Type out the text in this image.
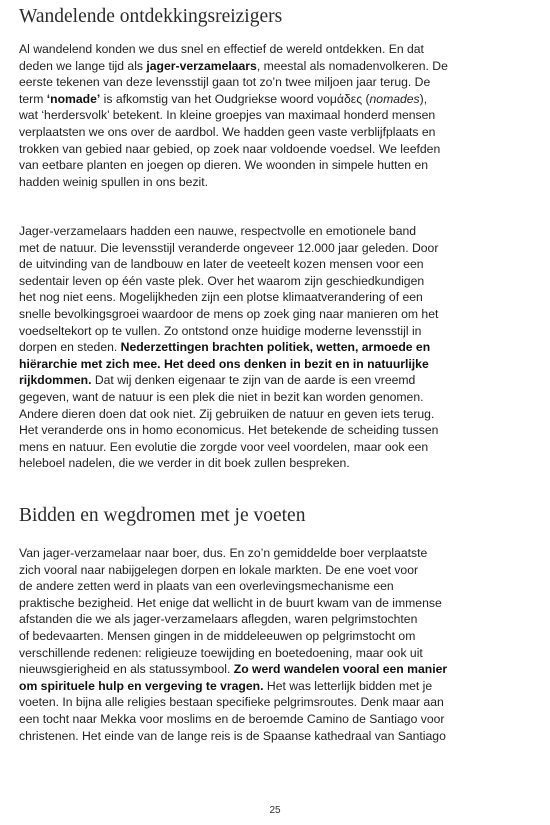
Wandelende ontdekkingsreizigers
Al wandelend konden we dus snel en effectief de wereld ontdekken. En dat
deden we lange tijd als jager-verzamelaars, meestal als nomadenvolkeren. De
eerste tekenen van deze levensstijl gaan tot zo’n twee miljoen jaar terug. De
term ‘nomade’ is afkomstig van het Oudgriekse woord νομάδες (nomades),
wat ‘herdersvolk’ betekent. In kleine groepjes van maximaal honderd mensen
verplaatsten we ons over de aardbol. We hadden geen vaste verblijfplaats en
trokken van gebied naar gebied, op zoek naar voldoende voedsel. We leefden
van eetbare planten en joegen op dieren. We woonden in simpele hutten en
hadden weinig spullen in ons bezit.
Jager-verzamelaars hadden een nauwe, respectvolle en emotionele band
met de natuur. Die levensstijl veranderde ongeveer 12.000 jaar geleden. Door
de uitvinding van de landbouw en later de veeteelt kozen mensen voor een
sedentair leven op één vaste plek. Over het waarom zijn geschiedkundigen
het nog niet eens. Mogelijkheden zijn een plotse klimaatverandering of een
snelle bevolkingsgroei waardoor de mens op zoek ging naar manieren om het
voedseltekort op te vullen. Zo ontstond onze huidige moderne levensstijl in
dorpen en steden. Nederzettingen brachten politiek, wetten, armoede en
hiërarchie met zich mee. Het deed ons denken in bezit en in natuurlijke
rijkdommen. Dat wij denken eigenaar te zijn van de aarde is een vreemd
gegeven, want de natuur is een plek die niet in bezit kan worden genomen.
Andere dieren doen dat ook niet. Zij gebruiken de natuur en geven iets terug.
Het veranderde ons in homo economicus. Het betekende de scheiding tussen
mens en natuur. Een evolutie die zorgde voor veel voordelen, maar ook een
heleboel nadelen, die we verder in dit boek zullen bespreken.
Bidden en wegdromen met je voeten
Van jager-verzamelaar naar boer, dus. En zo’n gemiddelde boer verplaatste
zich vooral naar nabijgelegen dorpen en lokale markten. De ene voet voor
de andere zetten werd in plaats van een overlevingsmechanisme een
praktische bezigheid. Het enige dat wellicht in de buurt kwam van de immense
afstanden die we als jager-verzamelaars aflegden, waren pelgrimstochten
of bedevaarten. Mensen gingen in de middeleeuwen op pelgrimstocht om
verschillende redenen: religieuze toewijding en boetedoening, maar ook uit
nieuwsgierigheid en als statussymbool. Zo werd wandelen vooral een manier
om spirituele hulp en vergeving te vragen. Het was letterlijk bidden met je
voeten. In bijna alle religies bestaan specifieke pelgrimsroutes. Denk maar aan
een tocht naar Mekka voor moslims en de beroemde Camino de Santiago voor
christenen. Het einde van de lange reis is de Spaanse kathedraal van Santiago
25
